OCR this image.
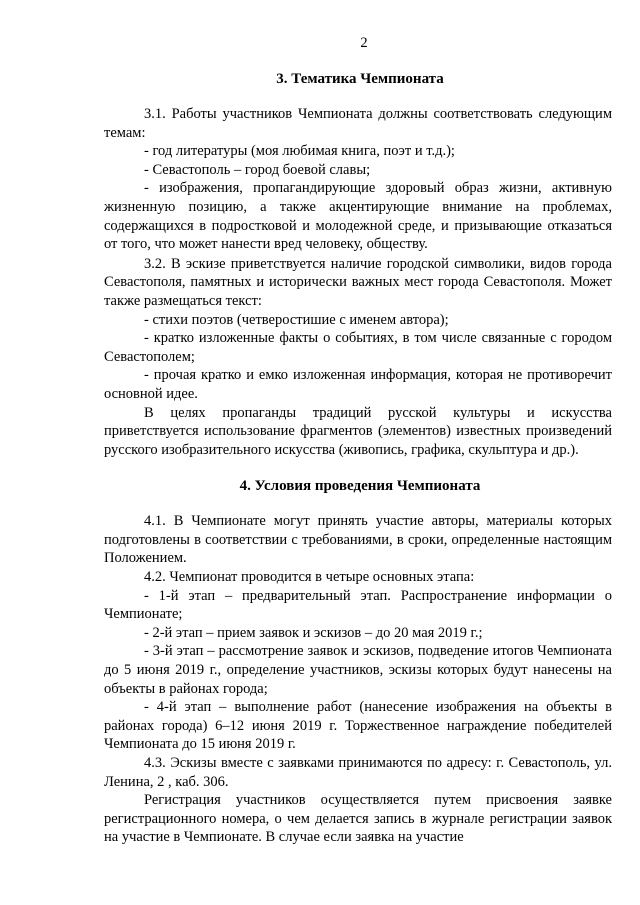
2
3. Тематика Чемпионата

3.1. Работы участников Чемпионата должны соответствовать следующим темам:

- год литературы (моя любимая книга, поэт и т.д.);

- Севастополь – город боевой славы;

- изображения, пропагандирующие здоровый образ жизни, активную жизненную позицию, а также акцентирующие внимание на проблемах, содержащихся в подростковой и молодежной среде, и призывающие отказаться от того, что может нанести вред человеку, обществу.

3.2. В эскизе приветствуется наличие городской символики, видов города Севастополя, памятных и исторически важных мест города Севастополя. Может также размещаться текст:

- стихи поэтов (четверостишие с именем автора);

- кратко изложенные факты о событиях, в том числе связанные с городом Севастополем;

- прочая кратко и емко изложенная информация, которая не противоречит основной идее.

В целях пропаганды традиций русской культуры и искусства приветствуется использование фрагментов (элементов) известных произведений русского изобразительного искусства (живопись, графика, скульптура и др.).

4. Условия проведения Чемпионата

4.1. В Чемпионате могут принять участие авторы, материалы которых подготовлены в соответствии с требованиями, в сроки, определенные настоящим Положением.

4.2. Чемпионат проводится в четыре основных этапа:

- 1-й этап – предварительный этап. Распространение информации о Чемпионате;

- 2-й этап – прием заявок и эскизов – до 20 мая 2019 г.;

- 3-й этап – рассмотрение заявок и эскизов, подведение итогов Чемпионата до 5 июня 2019 г., определение участников, эскизы которых будут нанесены на объекты в районах города;

- 4-й этап – выполнение работ (нанесение изображения на объекты в районах города) 6–12 июня 2019 г. Торжественное награждение победителей Чемпионата до 15 июня 2019 г.

4.3. Эскизы вместе с заявками принимаются по адресу: г. Севастополь, ул. Ленина, 2 , каб. 306.

Регистрация участников осуществляется путем присвоения заявке регистрационного номера, о чем делается запись в журнале регистрации заявок на участие в Чемпионате. В случае если заявка на участие
